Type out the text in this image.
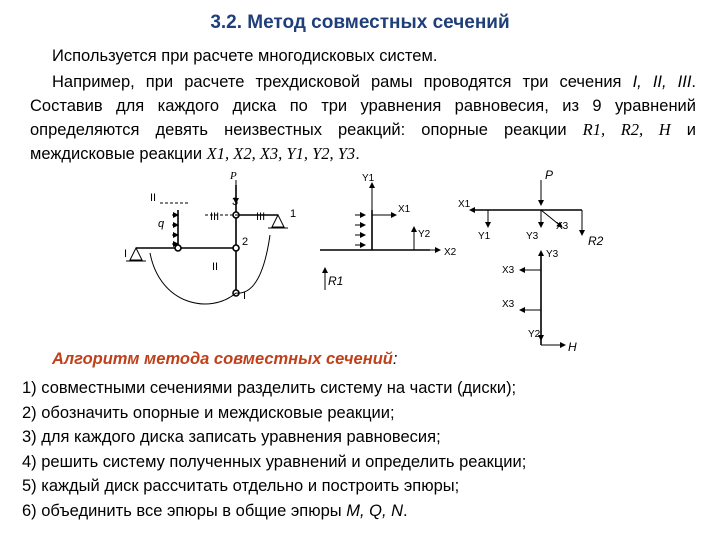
3.2. Метод совместных сечений
Используется при расчете многодисковых систем.
Например, при расчете трехдисковой рамы проводятся три сечения I, II, III. Составив для каждого диска по три уравнения равновесия, из 9 уравнений определяются девять неизвестных реакций: опорные реакции R1, R2, H и междисковые реакции X1, X2, X3, Y1, Y2, Y3.
P
q
II
III	III
I
II
I
2
3
1
Y1
X1
Y2
X2
R1
P
X1
Y1	Y3
X3
R2
Y3
X3
X3
Y2
H
Алгоритм метода совместных сечений:
1) совместными сечениями разделить систему на части (диски);
2) обозначить опорные и междисковые реакции;
3) для каждого диска записать уравнения равновесия;
4) решить систему полученных уравнений и определить реакции;
5) каждый диск рассчитать отдельно и построить эпюры;
6) объединить все эпюры в общие эпюры M, Q, N.
